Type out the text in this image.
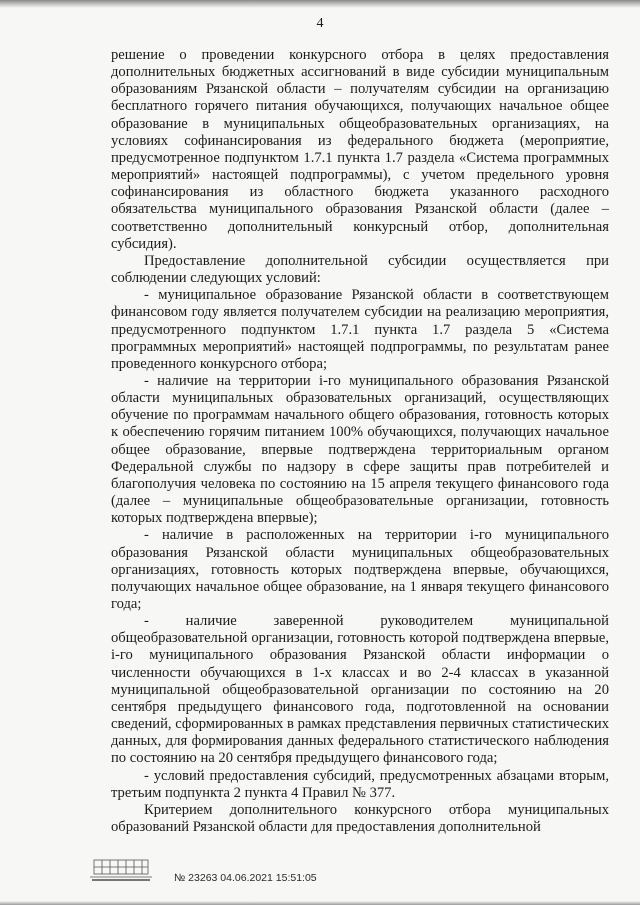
4

решение о проведении конкурсного отбора в целях предоставления дополнительных бюджетных ассигнований в виде субсидии муниципальным образованиям Рязанской области – получателям субсидии на организацию бесплатного горячего питания обучающихся, получающих начальное общее образование в муниципальных общеобразовательных организациях, на условиях софинансирования из федерального бюджета (мероприятие, предусмотренное подпунктом 1.7.1 пункта 1.7 раздела «Система программных мероприятий» настоящей подпрограммы), с учетом предельного уровня софинансирования из областного бюджета указанного расходного обязательства муниципального образования Рязанской области (далее – соответственно дополнительный конкурсный отбор, дополнительная субсидия).

Предоставление дополнительной субсидии осуществляется при соблюдении следующих условий:

- муниципальное образование Рязанской области в соответствующем финансовом году является получателем субсидии на реализацию мероприятия, предусмотренного подпунктом 1.7.1 пункта 1.7 раздела 5 «Система программных мероприятий» настоящей подпрограммы, по результатам ранее проведенного конкурсного отбора;

- наличие на территории i-го муниципального образования Рязанской области муниципальных образовательных организаций, осуществляющих обучение по программам начального общего образования, готовность которых к обеспечению горячим питанием 100% обучающихся, получающих начальное общее образование, впервые подтверждена территориальным органом Федеральной службы по надзору в сфере защиты прав потребителей и благополучия человека по состоянию на 15 апреля текущего финансового года (далее – муниципальные общеобразовательные организации, готовность которых подтверждена впервые);

- наличие в расположенных на территории i-го муниципального образования Рязанской области муниципальных общеобразовательных организациях, готовность которых подтверждена впервые, обучающихся, получающих начальное общее образование, на 1 января текущего финансового года;

- наличие заверенной руководителем муниципальной общеобразовательной организации, готовность которой подтверждена впервые, i-го муниципального образования Рязанской области информации о численности обучающихся в 1-х классах и во 2-4 классах в указанной муниципальной общеобразовательной организации по состоянию на 20 сентября предыдущего финансового года, подготовленной на основании сведений, сформированных в рамках представления первичных статистических данных, для формирования данных федерального статистического наблюдения по состоянию на 20 сентября предыдущего финансового года;

- условий предоставления субсидий, предусмотренных абзацами вторым, третьим подпункта 2 пункта 4 Правил № 377.

Критерием дополнительного конкурсного отбора муниципальных образований Рязанской области для предоставления дополнительной

№ 23263 04.06.2021 15:51:05
